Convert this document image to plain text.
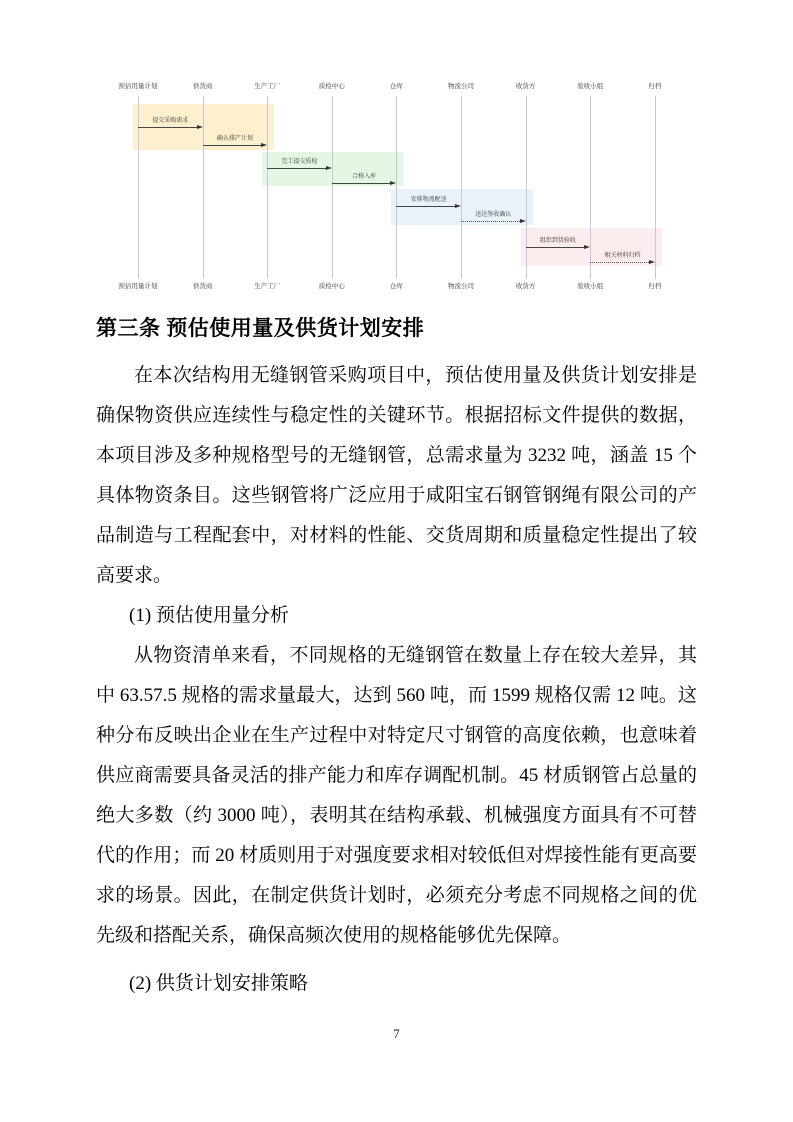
预估用量计划
预估用量计划
供货商
供货商
生产工厂
生产工厂
质检中心
质检中心
仓库
仓库
物流公司
物流公司
收货方
收货方
验收小组
验收小组
归档
归档
提交采购需求
确认排产计划
完工提交质检
合格入库
安排物流配送
送达签收确认
组织到货验收
相关材料归档
第三条 预估使用量及供货计划安排

在本次结构用无缝钢管采购项目中，预估使用量及供货计划安排是确保物资供应连续性与稳定性的关键环节。根据招标文件提供的数据，本项目涉及多种规格型号的无缝钢管，总需求量为 3232 吨，涵盖 15 个具体物资条目。这些钢管将广泛应用于咸阳宝石钢管钢绳有限公司的产品制造与工程配套中，对材料的性能、交货周期和质量稳定性提出了较高要求。

(1) 预估使用量分析

从物资清单来看，不同规格的无缝钢管在数量上存在较大差异，其中 63.57.5 规格的需求量最大，达到 560 吨，而 1599 规格仅需 12 吨。这种分布反映出企业在生产过程中对特定尺寸钢管的高度依赖，也意味着供应商需要具备灵活的排产能力和库存调配机制。45 材质钢管占总量的绝大多数（约 3000 吨），表明其在结构承载、机械强度方面具有不可替代的作用；而 20 材质则用于对强度要求相对较低但对焊接性能有更高要求的场景。因此，在制定供货计划时，必须充分考虑不同规格之间的优先级和搭配关系，确保高频次使用的规格能够优先保障。

(2) 供货计划安排策略

7
